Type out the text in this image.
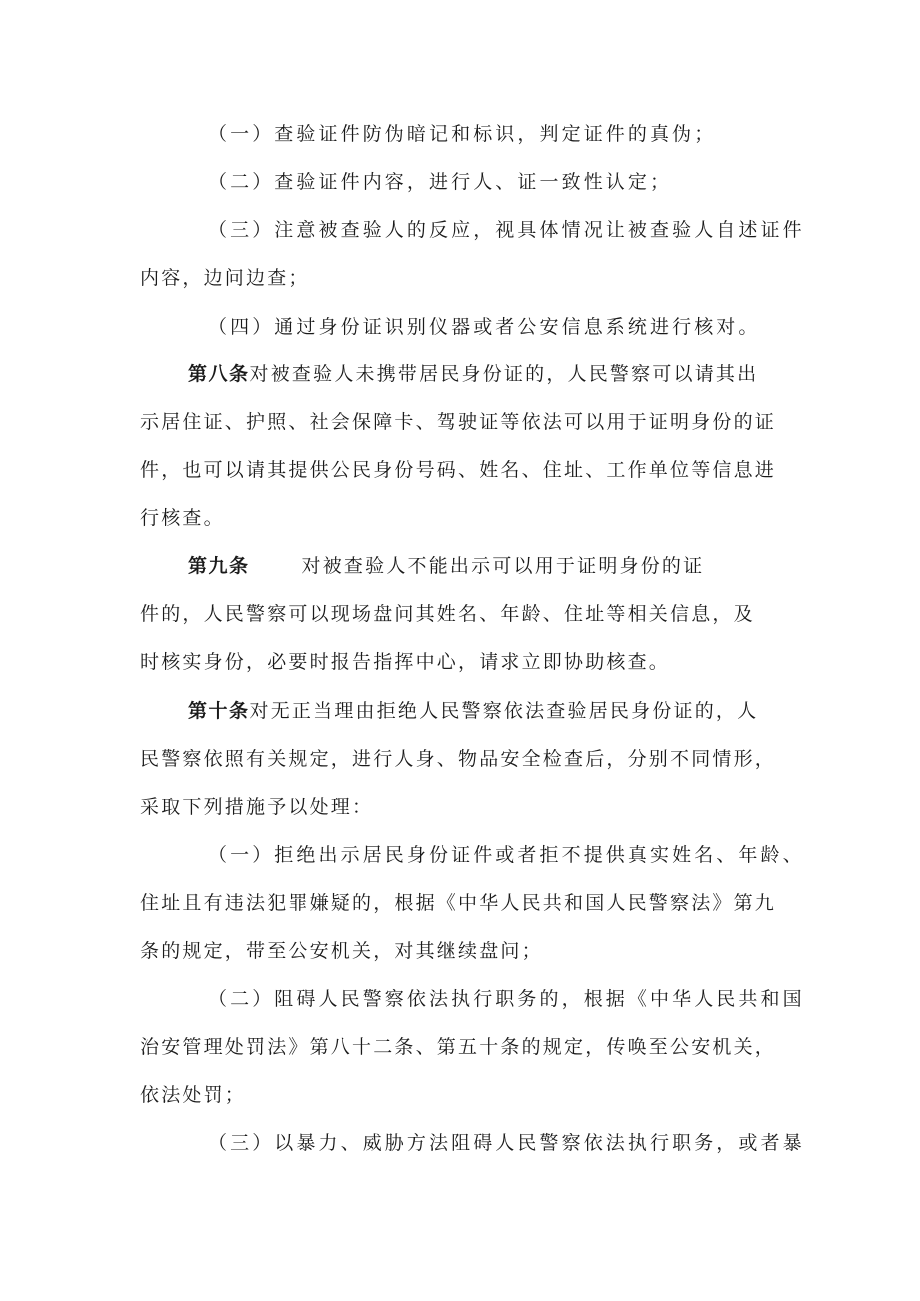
（一）查验证件防伪暗记和标识，判定证件的真伪；
（二）查验证件内容，进行人、证一致性认定；
（三）注意被查验人的反应，视具体情况让被查验人自述证件
内容，边问边查；
（四）通过身份证识别仪器或者公安信息系统进行核对。
第八条对被查验人未携带居民身份证的，人民警察可以请其出
示居住证、护照、社会保障卡、驾驶证等依法可以用于证明身份的证
件，也可以请其提供公民身份号码、姓名、住址、工作单位等信息进
行核查。
第九条	对被查验人不能出示可以用于证明身份的证
件的，人民警察可以现场盘问其姓名、年龄、住址等相关信息，及
时核实身份，必要时报告指挥中心，请求立即协助核查。
第十条对无正当理由拒绝人民警察依法查验居民身份证的，人
民警察依照有关规定，进行人身、物品安全检查后，分别不同情形，
采取下列措施予以处理：
（一）拒绝出示居民身份证件或者拒不提供真实姓名、年龄、
住址且有违法犯罪嫌疑的，根据《中华人民共和国人民警察法》第九
条的规定，带至公安机关，对其继续盘问；
（二）阻碍人民警察依法执行职务的，根据《中华人民共和国
治安管理处罚法》第八十二条、第五十条的规定，传唤至公安机关，
依法处罚；
（三）以暴力、威胁方法阻碍人民警察依法执行职务，或者暴
